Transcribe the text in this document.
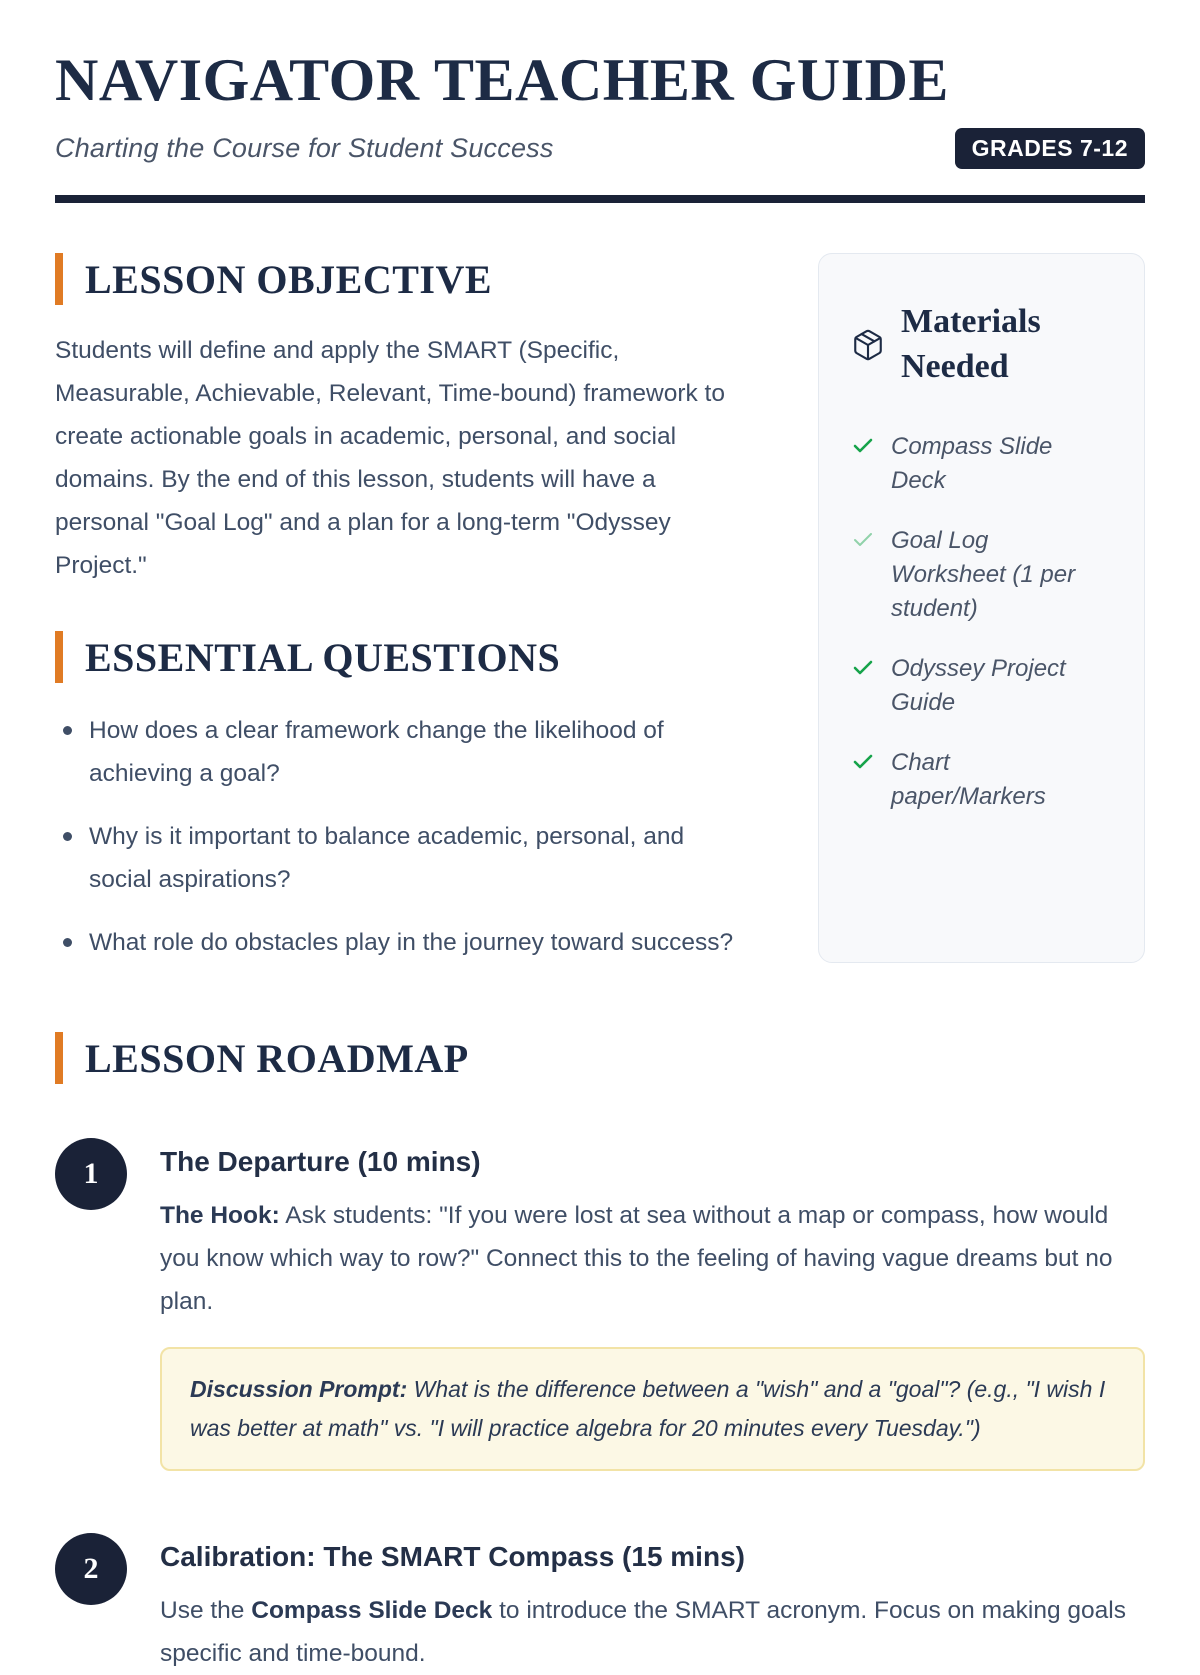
NAVIGATOR TEACHER GUIDE
Charting the Course for Student Success	GRADES 7-12
LESSON OBJECTIVE

Students will define and apply the SMART (Specific, Measurable, Achievable, Relevant, Time-bound) framework to create actionable goals in academic, personal, and social domains. By the end of this lesson, students will have a personal "Goal Log" and a plan for a long-term "Odyssey Project."

ESSENTIAL QUESTIONS
How does a clear framework change the likelihood of achieving a goal?
Why is it important to balance academic, personal, and social aspirations?
What role do obstacles play in the journey toward success?
Materials Needed
Compass Slide Deck
Goal Log Worksheet (1 per student)
Odyssey Project Guide
Chart paper/Markers
LESSON ROADMAP
1	The Departure (10 mins)

The Hook: Ask students: "If you were lost at sea without a map or compass, how would you know which way to row?" Connect this to the feeling of having vague dreams but no plan.

Discussion Prompt: What is the difference between a "wish" and a "goal"? (e.g., "I wish I was better at math" vs. "I will practice algebra for 20 minutes every Tuesday.")

2	Calibration: The SMART Compass (15 mins)

Use the Compass Slide Deck to introduce the SMART acronym. Focus on making goals specific and time-bound.
